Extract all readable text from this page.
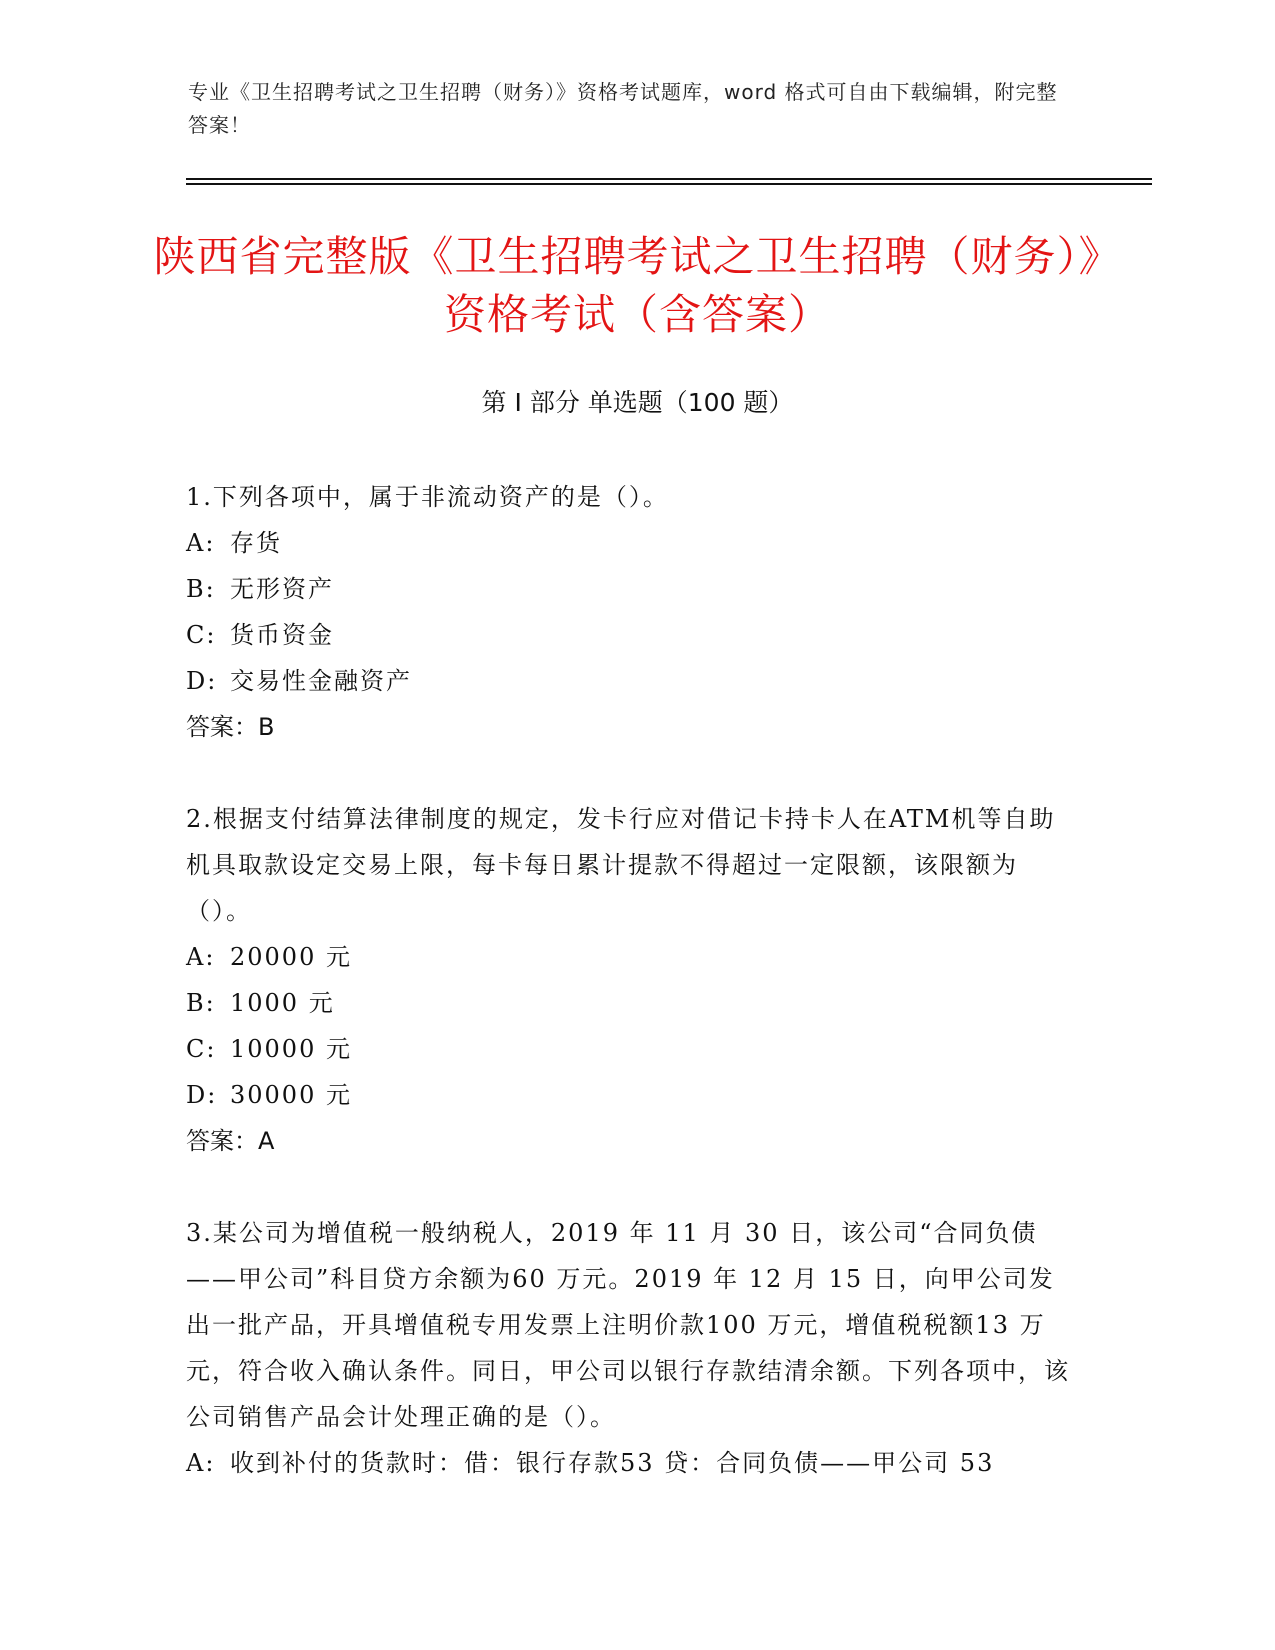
专业《卫生招聘考试之卫生招聘（财务）》资格考试题库，word 格式可自由下载编辑，附完整答案！
陕西省完整版《卫生招聘考试之卫生招聘（财务）》资格考试（含答案）
第 I 部分 单选题（100 题）
1.下列各项中，属于非流动资产的是（）。
A: 存货
B: 无形资产
C: 货币资金
D: 交易性金融资产
答案：B
2.根据支付结算法律制度的规定，发卡行应对借记卡持卡人在ATM机等自助机具取款设定交易上限，每卡每日累计提款不得超过一定限额，该限额为（）。
A: 20000 元
B: 1000 元
C: 10000 元
D: 30000 元
答案：A
3.某公司为增值税一般纳税人，2019 年 11 月 30 日，该公司“合同负债——甲公司”科目贷方余额为60 万元。2019 年 12 月 15 日，向甲公司发出一批产品，开具增值税专用发票上注明价款100 万元，增值税税额13 万元，符合收入确认条件。同日，甲公司以银行存款结清余额。下列各项中，该公司销售产品会计处理正确的是（）。
A: 收到补付的货款时：借：银行存款53 贷：合同负债——甲公司 53
